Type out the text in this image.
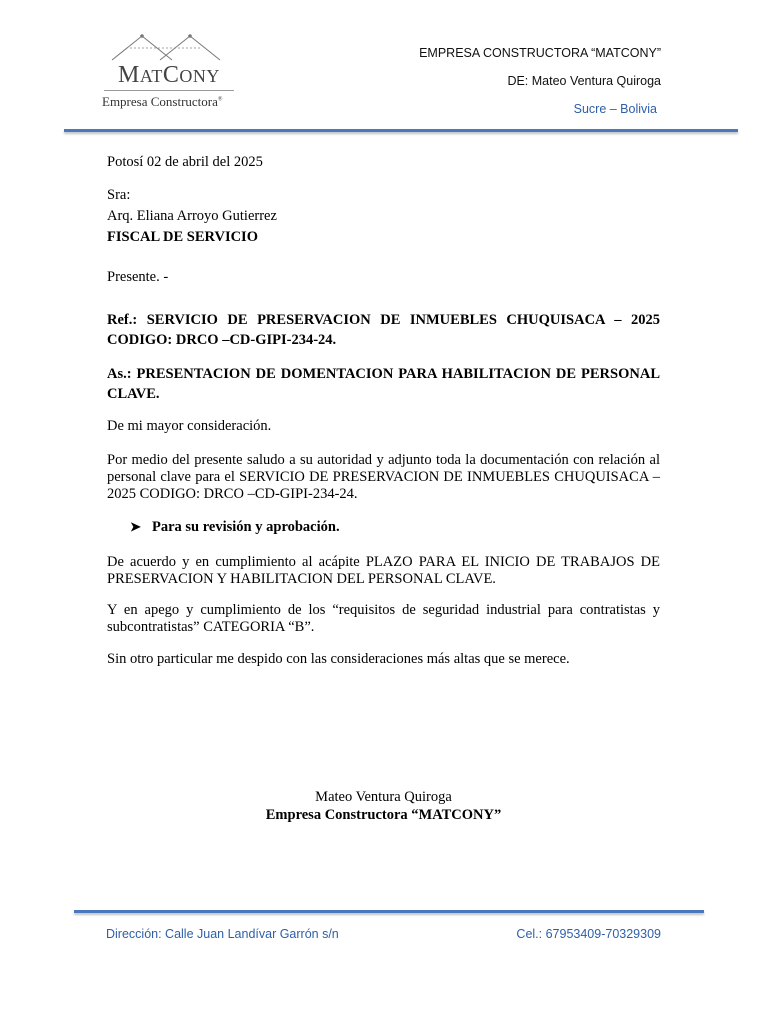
MATCONY
Empresa Constructora®
EMPRESA CONSTRUCTORA “MATCONY”
DE: Mateo Ventura Quiroga
Sucre – Bolivia
Potosí 02 de abril del 2025
Sra:
Arq. Eliana Arroyo Gutierrez
FISCAL DE SERVICIO
Presente. -
Ref.: SERVICIO DE PRESERVACION DE INMUEBLES CHUQUISACA – 2025 CODIGO: DRCO –CD-GIPI-234-24.
As.: PRESENTACION DE DOMENTACION PARA HABILITACION DE PERSONAL CLAVE.
De mi mayor consideración.
Por medio del presente saludo a su autoridad y adjunto toda la documentación con relación al personal clave para el SERVICIO DE PRESERVACION DE INMUEBLES CHUQUISACA – 2025 CODIGO: DRCO –CD-GIPI-234-24.
➤ Para su revisión y aprobación.
De acuerdo y en cumplimiento al acápite PLAZO PARA EL INICIO DE TRABAJOS DE PRESERVACION Y HABILITACION DEL PERSONAL CLAVE.
Y en apego y cumplimiento de los “requisitos de seguridad industrial para contratistas y subcontratistas” CATEGORIA “B”.
Sin otro particular me despido con las consideraciones más altas que se merece.
Mateo Ventura Quiroga
Empresa Constructora “MATCONY”
Dirección: Calle Juan Landívar Garrón s/n	Cel.: 67953409-70329309
